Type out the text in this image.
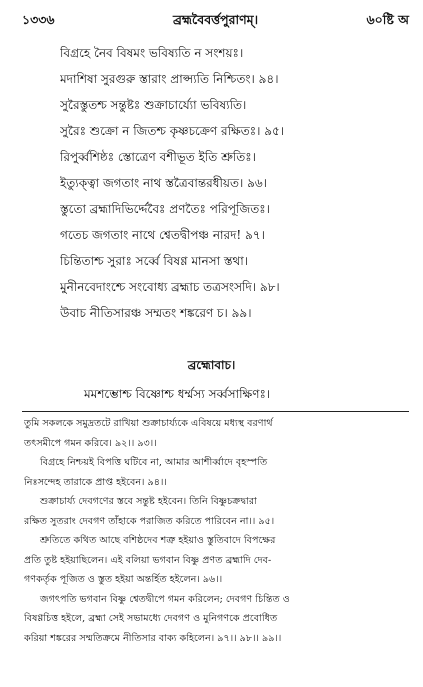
১৩৩৬	ব্রহ্মবৈবর্ত্তপুরাণম্।	৬০ষ্টি অ
বিগ্রহে নৈব বিষমং ভবিষ্যতি ন সংশয়ঃ।
মদাশিষা সুরগুরু স্তারাং প্রাপ্স্যতি নিশ্চিতং। ৯৪।
সুরৈস্তুতশ্চ সন্তুষ্টঃ শুক্রাচার্য্যো ভবিষ্যতি।
সুরৈঃ শুক্রো ন জিতশ্চ কৃষ্ণচক্রেণ রক্ষিতঃ। ৯৫।
রিপুর্ব্বশিষ্ঠঃ স্তোত্রেণ বশীভূত ইতি শ্রুতিঃ।
ইত্যুক্ত্বা জগতাং নাথ স্তত্রৈবান্তরধীয়ত। ৯৬।
স্তুতো ব্রহ্মাদিভির্দ্দেবৈঃ প্রণতৈঃ পরিপূজিতঃ।
গতেচ জগতাং নাথে শ্বেতদ্বীপঞ্চ নারদ! ৯৭।
চিন্তিতাশ্চ সুরাঃ সর্ব্বে বিষণ্ণ মানসা স্তথা।
মুনীনবেদাংশ্চে সংবোধ্য ব্রহ্মাচ তত্রসংসদি। ৯৮।
উবাচ নীতিসারঞ্চ সম্মতং শঙ্করেণ চ। ৯৯।
ব্রহ্মোবাচ।
মমশম্ভোশ্চ বিষ্ণোশ্চ ধর্ম্মস্য সর্ব্বসাক্ষিণঃ।
তুমি সকলকে সমুদ্রতটে রাখিয়া শুক্রাচার্য্যকে এবিষয়ে মধ্যস্থ বরণার্থ
তৎসমীপে গমন করিবে। ৯২।। ৯৩।।
বিগ্রহে নিশ্চয়ই বিপত্তি ঘটিবে না, আমার আশীর্ব্বাদে বৃহস্পতি
নিঃসন্দেহ তারাকে প্রাপ্ত হইবেন। ৯৪।।
শুক্রাচার্য্য দেবগণের স্তবে সন্তুষ্ট হইবেন। তিনি বিষ্ণুচক্রদ্বারা
রক্ষিত সুতরাং দেবগণ তাঁহাকে পরাজিত করিতে পারিবেন না।। ৯৫।
শ্রুতিতে কথিত আছে বশিষ্ঠদেব শত্রু হইয়াও স্তুতিবাদে বিপক্ষের
প্রতি তুষ্ট হইয়াছিলেন। এই বলিয়া ভগবান বিষ্ণু প্রণত ব্রহ্মাদি দেব-
গণকর্তৃক পূজিত ও স্তুত হইয়া অন্তর্হিত হইলেন। ৯৬।।
জগৎপতি ভগবান বিষ্ণু শ্বেতদ্বীপে গমন করিলেন; দেবগণ চিন্তিত ও
বিষণ্ণচিত্ত হইলে, ব্রহ্মা সেই সভামধ্যে দেবগণ ও মুনিগণকে প্রবোধিত
করিয়া শঙ্করের সম্মতিক্রমে নীতিসার বাক্য কহিলেন। ৯৭।। ৯৮।। ৯৯।।
